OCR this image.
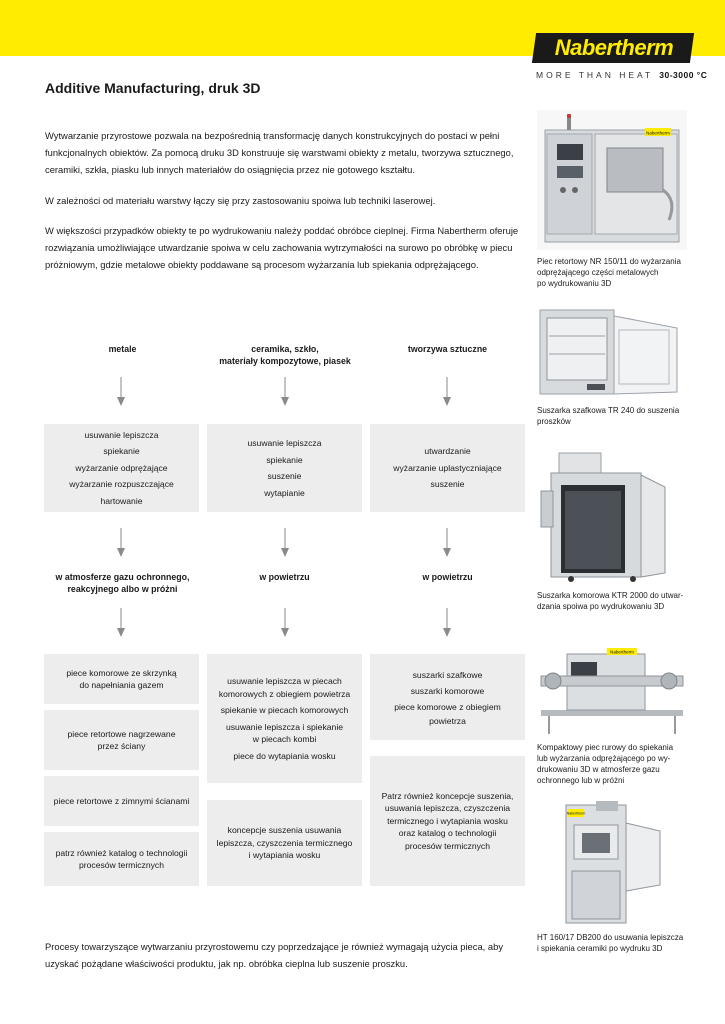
Nabertherm
MORE THAN HEAT 30-3000 °C
Additive Manufacturing, druk 3D

Wytwarzanie przyrostowe pozwala na bezpośrednią transformację danych konstrukcyjnych do postaci w pełni
funkcjonalnych obiektów. Za pomocą druku 3D konstruuje się warstwami obiekty z metalu, tworzywa sztucznego,
ceramiki, szkła, piasku lub innych materiałów do osiągnięcia przez nie gotowego kształtu.

W zależności od materiału warstwy łączy się przy zastosowaniu spoiwa lub techniki laserowej.

W większości przypadków obiekty te po wydrukowaniu należy poddać obróbce cieplnej. Firma Nabertherm oferuje
rozwiązania umożliwiające utwardzanie spoiwa w celu zachowania wytrzymałości na surowo po obróbkę w piecu
próżniowym, gdzie metalowe obiekty poddawane są procesom wyżarzania lub spiekania odprężającego.

metale	ceramika, szkło,
materiały kompozytowe, piasek
tworzywa sztuczne
usuwanie lepiszcza
spiekanie
wyżarzanie odprężające
wyżarzanie rozpuszczające
hartowanie
usuwanie lepiszcza
spiekanie
suszenie
wytapianie
utwardzanie
wyżarzanie uplastyczniające
suszenie
w atmosferze gazu ochronnego,
reakcyjnego albo w próżni
w powietrzu	w powietrzu
piece komorowe ze skrzynką
do napełniania gazem
piece retortowe nagrzewane
przez ściany
piece retortowe z zimnymi ścianami
patrz również katalog o technologii
procesów termicznych
usuwanie lepiszcza w piecach
komorowych z obiegiem powietrza
spiekanie w piecach komorowych
usuwanie lepiszcza i spiekanie
w piecach kombi
piece do wytapiania wosku
koncepcje suszenia usuwania
lepiszcza, czyszczenia termicznego
i wytapiania wosku
suszarki szafkowe
suszarki komorowe
piece komorowe z obiegiem
powietrza
Patrz również koncepcje suszenia,
usuwania lepiszcza, czyszczenia
termicznego i wytapiania wosku
oraz katalog o technologii
procesów termicznych

Procesy towarzyszące wytwarzaniu przyrostowemu czy poprzedzające je również wymagają użycia pieca, aby
uzyskać pożądane właściwości produktu, jak np. obróbka cieplna lub suszenie proszku.

Nabertherm
Piec retortowy NR 150/11 do wyżarzania
odprężającego części metalowych
po wydrukowaniu 3D
Suszarka szafkowa TR 240 do suszenia
proszków
Suszarka komorowa KTR 2000 do utwar-
dzania spoiwa po wydrukowaniu 3D
Nabertherm
Kompaktowy piec rurowy do spiekania
lub wyżarzania odprężającego po wy-
drukowaniu 3D w atmosferze gazu
ochronnego lub w próżni
Nabertherm
HT 160/17 DB200 do usuwania lepiszcza
i spiekania ceramiki po wydruku 3D
